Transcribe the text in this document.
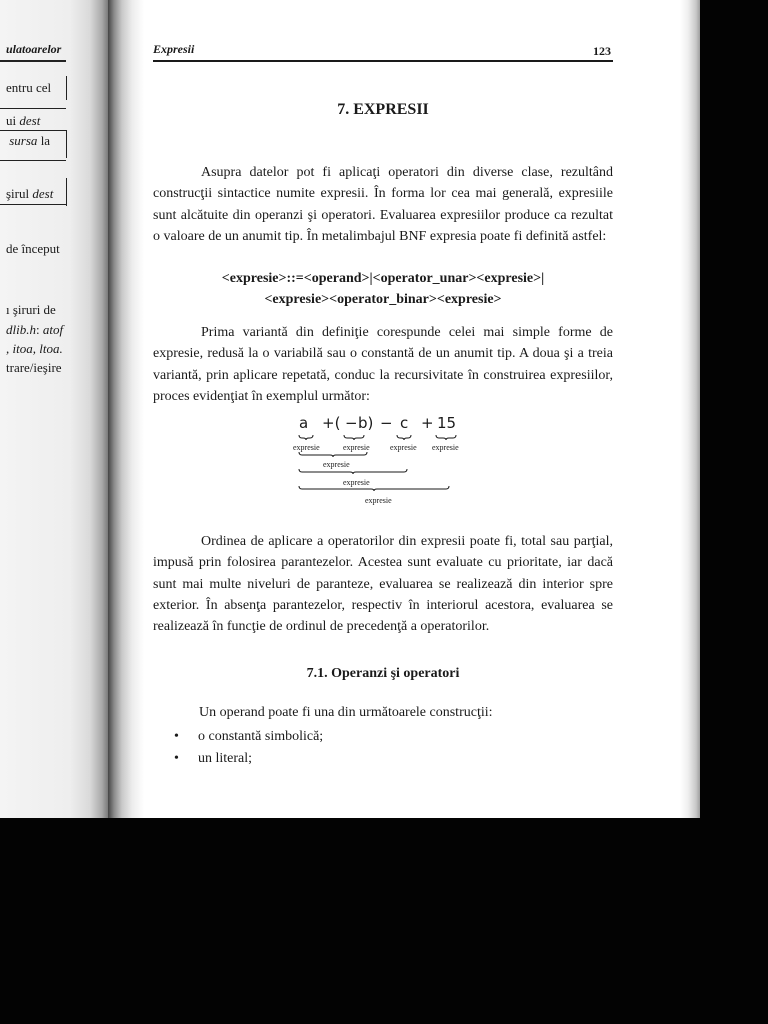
ulatoarelor
entru cel
ui dest
sursa la
şirul dest
de început
ı şiruri de
dlib.h: atof
, itoa, ltoa.
trare/ieşire
Expresii	123
7. EXPRESII

Asupra datelor pot fi aplicaţi operatori din diverse clase, rezultând construcţii sintactice numite expresii. În forma lor cea mai generală, expresiile sunt alcătuite din operanzi şi operatori. Evaluarea expresiilor produce ca rezultat o valoare de un anumit tip. În metalimbajul BNF expresia poate fi definită astfel:

<expresie>::=<operand>|<operator_unar><expresie>|
<expresie><operator_binar><expresie>

Prima variantă din definiţie corespunde celei mai simple forme de expresie, redusă la o variabilă sau o constantă de un anumit tip. A doua şi a treia variantă, prin aplicare repetată, conduc la recursivitate în construirea expresiilor, proces evidenţiat în exemplul următor:

a +( − b) − c + 15
expresie	expresie	expresie expresie
expresie
expresie
expresie

Ordinea de aplicare a operatorilor din expresii poate fi, total sau parţial, impusă prin folosirea parantezelor. Acestea sunt evaluate cu prioritate, iar dacă sunt mai multe niveluri de paranteze, evaluarea se realizează din interior spre exterior. În absenţa parantezelor, respectiv în interiorul acestora, evaluarea se realizează în funcţie de ordinul de precedenţă a operatorilor.

7.1. Operanzi şi operatori
Un operand poate fi una din următoarele construcţii:
• o constantă simbolică;
• un literal;
